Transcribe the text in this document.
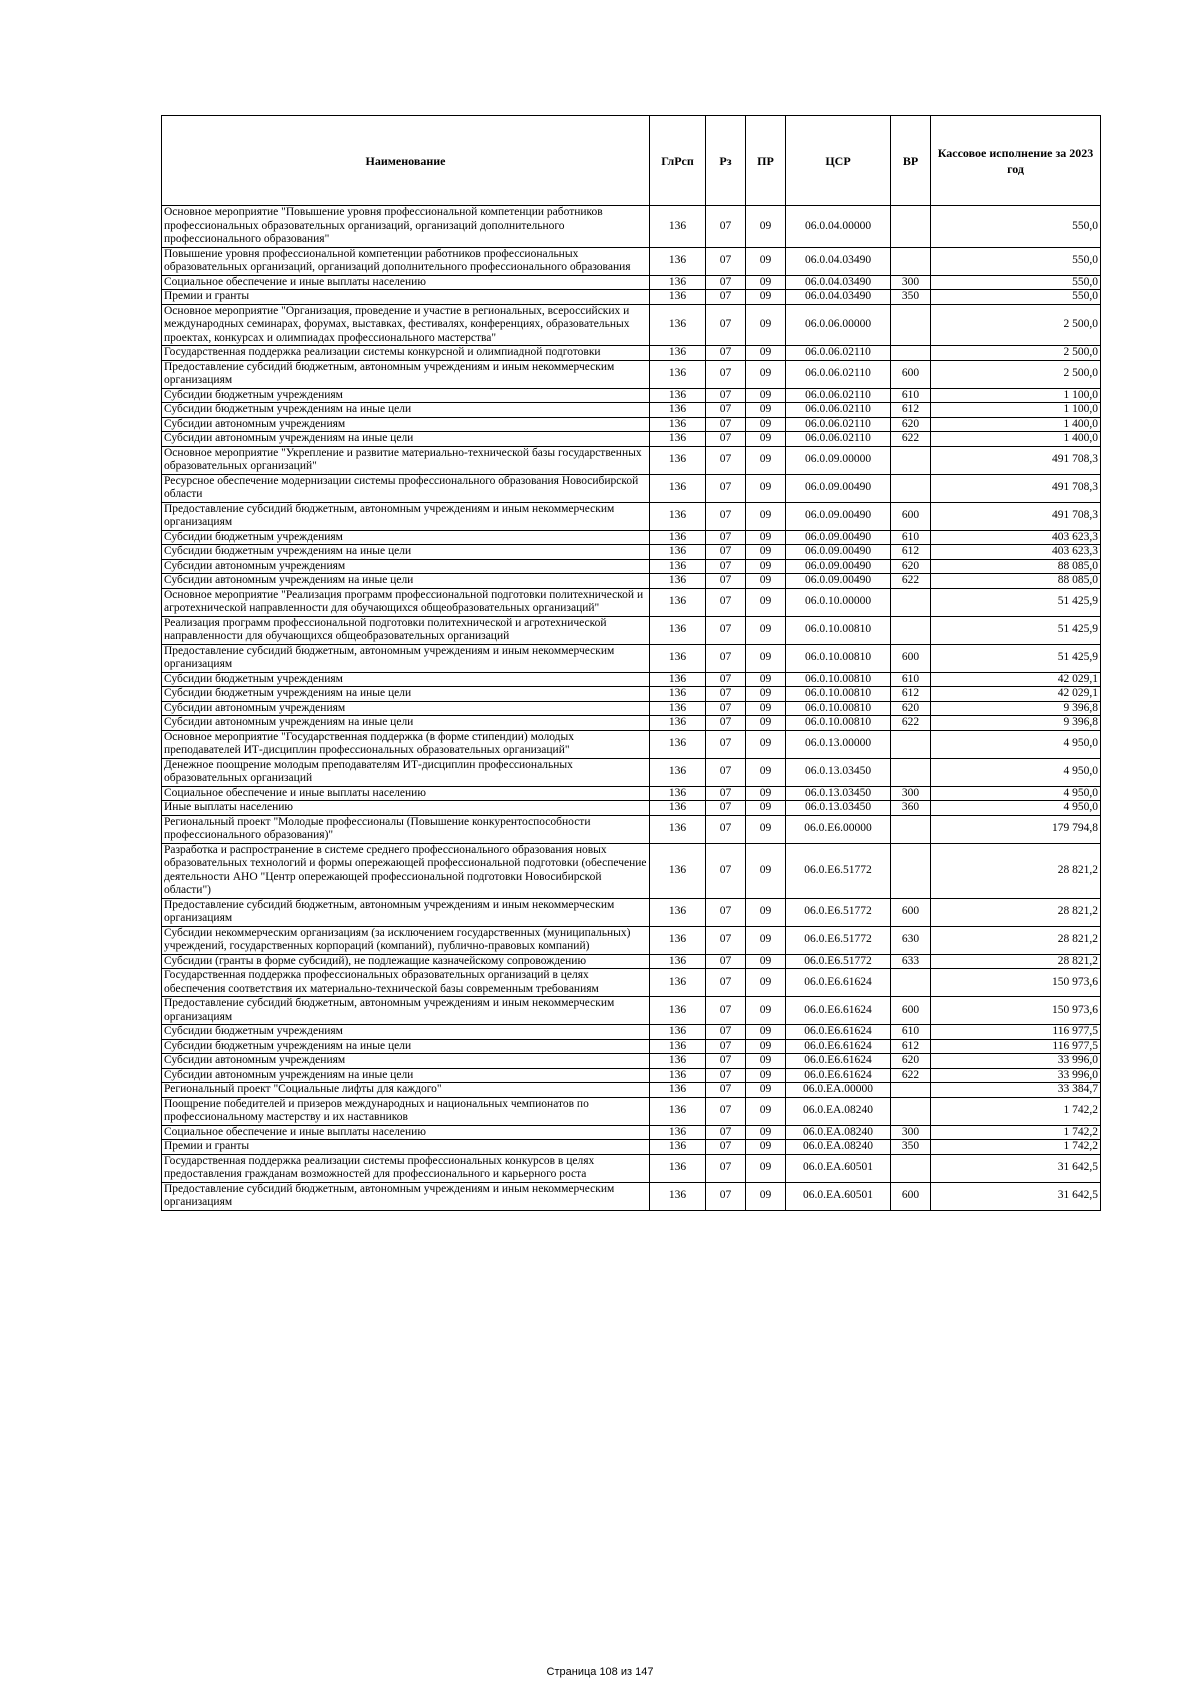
Наименование	ГлРсп	Рз	ПР	ЦСР	ВР	Кассовое исполнение за 2023 год
Основное мероприятие "Повышение уровня профессиональной компетенции работников профессиональных образовательных организаций, организаций дополнительного профессионального образования"	136	07	09	06.0.04.00000		550,0
Повышение уровня профессиональной компетенции работников профессиональных образовательных организаций, организаций дополнительного профессионального образования	136	07	09	06.0.04.03490		550,0
Социальное обеспечение и иные выплаты населению	136	07	09	06.0.04.03490	300	550,0
Премии и гранты	136	07	09	06.0.04.03490	350	550,0
Основное мероприятие "Организация, проведение и участие в региональных, всероссийских и международных семинарах, форумах, выставках, фестивалях, конференциях, образовательных проектах, конкурсах и олимпиадах профессионального мастерства"	136	07	09	06.0.06.00000		2 500,0
Государственная поддержка реализации системы конкурсной и олимпиадной подготовки	136	07	09	06.0.06.02110		2 500,0
Предоставление субсидий бюджетным, автономным учреждениям и иным некоммерческим организациям	136	07	09	06.0.06.02110	600	2 500,0
Субсидии бюджетным учреждениям	136	07	09	06.0.06.02110	610	1 100,0
Субсидии бюджетным учреждениям на иные цели	136	07	09	06.0.06.02110	612	1 100,0
Субсидии автономным учреждениям	136	07	09	06.0.06.02110	620	1 400,0
Субсидии автономным учреждениям на иные цели	136	07	09	06.0.06.02110	622	1 400,0
Основное мероприятие "Укрепление и развитие материально-технической базы государственных образовательных организаций"	136	07	09	06.0.09.00000		491 708,3
Ресурсное обеспечение модернизации системы профессионального образования Новосибирской области	136	07	09	06.0.09.00490		491 708,3
Предоставление субсидий бюджетным, автономным учреждениям и иным некоммерческим организациям	136	07	09	06.0.09.00490	600	491 708,3
Субсидии бюджетным учреждениям	136	07	09	06.0.09.00490	610	403 623,3
Субсидии бюджетным учреждениям на иные цели	136	07	09	06.0.09.00490	612	403 623,3
Субсидии автономным учреждениям	136	07	09	06.0.09.00490	620	88 085,0
Субсидии автономным учреждениям на иные цели	136	07	09	06.0.09.00490	622	88 085,0
Основное мероприятие "Реализация программ профессиональной подготовки политехнической и агротехнической направленности для обучающихся общеобразовательных организаций"	136	07	09	06.0.10.00000		51 425,9
Реализация программ профессиональной подготовки политехнической и агротехнической направленности для обучающихся общеобразовательных организаций	136	07	09	06.0.10.00810		51 425,9
Предоставление субсидий бюджетным, автономным учреждениям и иным некоммерческим организациям	136	07	09	06.0.10.00810	600	51 425,9
Субсидии бюджетным учреждениям	136	07	09	06.0.10.00810	610	42 029,1
Субсидии бюджетным учреждениям на иные цели	136	07	09	06.0.10.00810	612	42 029,1
Субсидии автономным учреждениям	136	07	09	06.0.10.00810	620	9 396,8
Субсидии автономным учреждениям на иные цели	136	07	09	06.0.10.00810	622	9 396,8
Основное мероприятие "Государственная поддержка (в форме стипендии) молодых преподавателей ИТ-дисциплин профессиональных образовательных организаций"	136	07	09	06.0.13.00000		4 950,0
Денежное поощрение молодым преподавателям ИТ-дисциплин профессиональных образовательных организаций	136	07	09	06.0.13.03450		4 950,0
Социальное обеспечение и иные выплаты населению	136	07	09	06.0.13.03450	300	4 950,0
Иные выплаты населению	136	07	09	06.0.13.03450	360	4 950,0
Региональный проект "Молодые профессионалы (Повышение конкурентоспособности профессионального образования)"	136	07	09	06.0.E6.00000		179 794,8
Разработка и распространение в системе среднего профессионального образования новых образовательных технологий и формы опережающей профессиональной подготовки (обеспечение деятельности АНО "Центр опережающей профессиональной подготовки Новосибирской области")	136	07	09	06.0.E6.51772		28 821,2
Предоставление субсидий бюджетным, автономным учреждениям и иным некоммерческим организациям	136	07	09	06.0.E6.51772	600	28 821,2
Субсидии некоммерческим организациям (за исключением государственных (муниципальных) учреждений, государственных корпораций (компаний), публично-правовых компаний)	136	07	09	06.0.E6.51772	630	28 821,2
Субсидии (гранты в форме субсидий), не подлежащие казначейскому сопровождению	136	07	09	06.0.E6.51772	633	28 821,2
Государственная поддержка профессиональных образовательных организаций в целях обеспечения соответствия их материально-технической базы современным требованиям	136	07	09	06.0.E6.61624		150 973,6
Предоставление субсидий бюджетным, автономным учреждениям и иным некоммерческим организациям	136	07	09	06.0.E6.61624	600	150 973,6
Субсидии бюджетным учреждениям	136	07	09	06.0.E6.61624	610	116 977,5
Субсидии бюджетным учреждениям на иные цели	136	07	09	06.0.E6.61624	612	116 977,5
Субсидии автономным учреждениям	136	07	09	06.0.E6.61624	620	33 996,0
Субсидии автономным учреждениям на иные цели	136	07	09	06.0.E6.61624	622	33 996,0
Региональный проект "Социальные лифты для каждого"	136	07	09	06.0.EA.00000		33 384,7
Поощрение победителей и призеров международных и национальных чемпионатов по профессиональному мастерству и их наставников	136	07	09	06.0.EA.08240		1 742,2
Социальное обеспечение и иные выплаты населению	136	07	09	06.0.EA.08240	300	1 742,2
Премии и гранты	136	07	09	06.0.EA.08240	350	1 742,2
Государственная поддержка реализации системы профессиональных конкурсов в целях предоставления гражданам возможностей для профессионального и карьерного роста	136	07	09	06.0.EA.60501		31 642,5
Предоставление субсидий бюджетным, автономным учреждениям и иным некоммерческим организациям	136	07	09	06.0.EA.60501	600	31 642,5
Страница 108 из 147
